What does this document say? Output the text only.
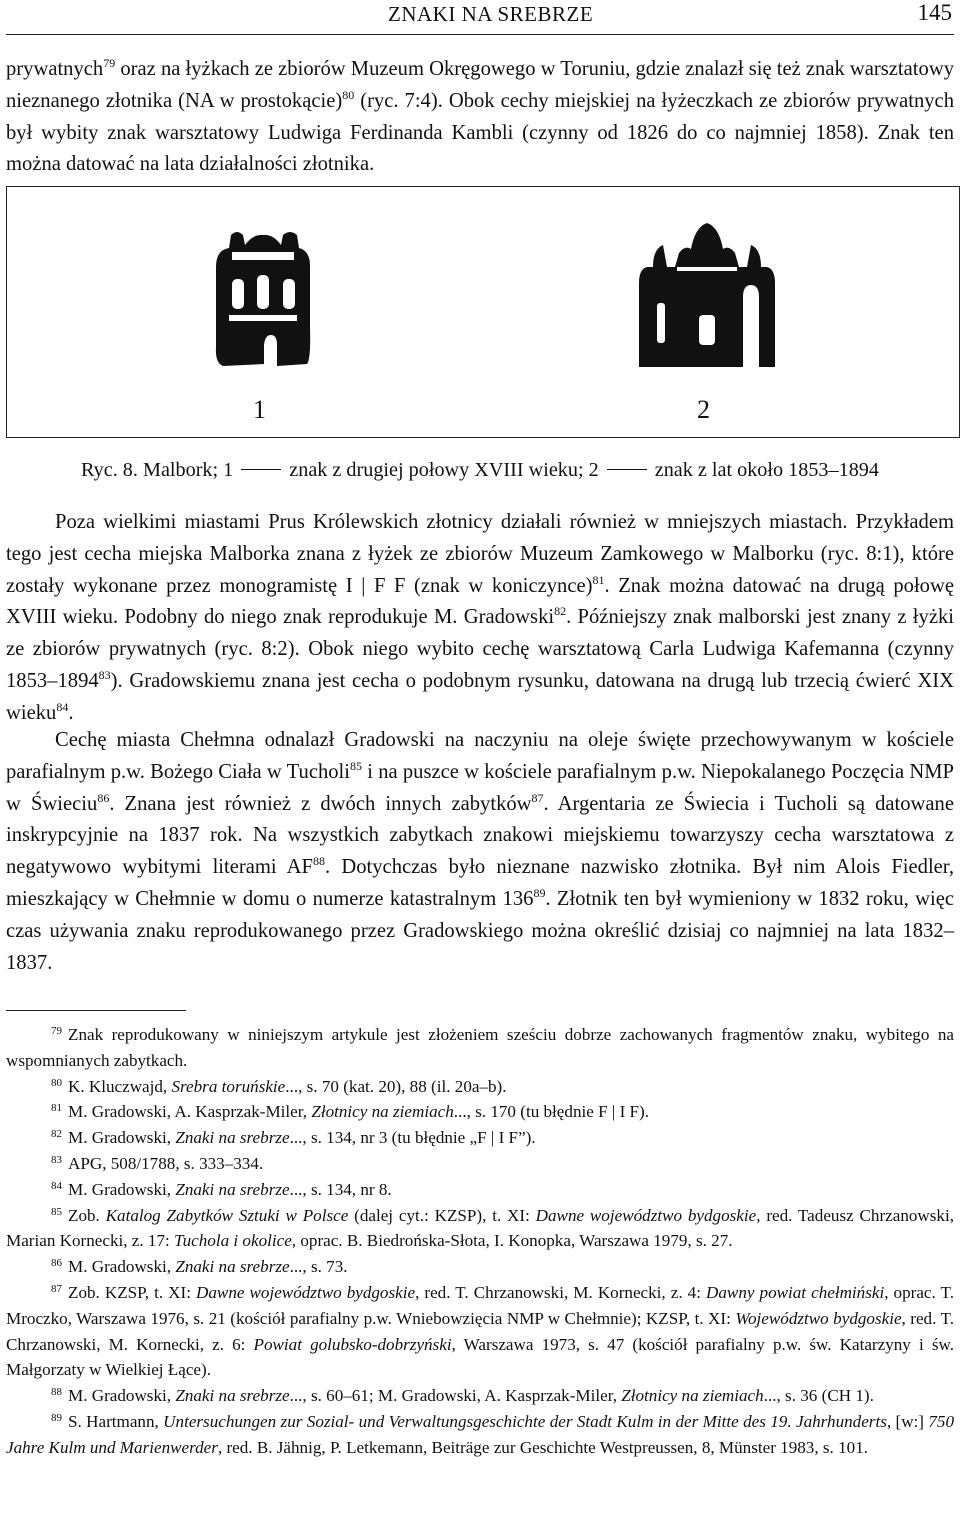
ZNAKI NA SREBRZE	145

prywatnych$^{79}$ oraz na łyżkach ze zbiorów Muzeum Okręgowego w Toruniu, gdzie znalazł się też znak warsztatowy nieznanego złotnika (NA w prostokącie)$^{80}$ (ryc. 7:4). Obok cechy miejskiej na łyżeczkach ze zbiorów prywatnych był wybity znak warsztatowy Ludwiga Ferdinanda Kambli (czynny od 1826 do co najmniej 1858). Znak ten można datować na lata działalności złotnika.

1	2

Ryc. 8. Malbork; 1	znak z drugiej połowy XVIII wieku; 2	znak z lat około 1853–1894

Poza wielkimi miastami Prus Królewskich złotnicy działali również w mniejszych miastach. Przykładem tego jest cecha miejska Malborka znana z łyżek ze zbiorów Muzeum Zamkowego w Malborku (ryc. 8:1), które zostały wykonane przez monogramistę I | F F (znak w koniczynce)$^{81}$. Znak można datować na drugą połowę XVIII wieku. Podobny do niego znak reprodukuje M. Gradowski$^{82}$. Późniejszy znak malborski jest znany z łyżki ze zbiorów prywatnych (ryc. 8:2). Obok niego wybito cechę warsztatową Carla Ludwiga Kafemanna (czynny 1853–1894$^{83}$). Gradowskiemu znana jest cecha o podobnym rysunku, datowana na drugą lub trzecią ćwierć XIX wieku$^{84}$.

Cechę miasta Chełmna odnalazł Gradowski na naczyniu na oleje święte przechowywanym w kościele parafialnym p.w. Bożego Ciała w Tucholi$^{85}$ i na puszce w kościele parafialnym p.w. Niepokalanego Poczęcia NMP w Świeciu$^{86}$. Znana jest również z dwóch innych zabytków$^{87}$. Argentaria ze Świecia i Tucholi są datowane inskrypcyjnie na 1837 rok. Na wszystkich zabytkach znakowi miejskiemu towarzyszy cecha warsztatowa z negatywowo wybitymi literami AF$^{88}$. Dotychczas było nieznane nazwisko złotnika. Był nim Alois Fiedler, mieszkający w Chełmnie w domu o numerze katastralnym $136^{89}$. Złotnik ten był wymieniony w 1832 roku, więc czas używania znaku reprodukowanego przez Gradowskiego można określić dzisiaj co najmniej na lata 1832–1837.

79 Znak reprodukowany w niniejszym artykule jest złożeniem sześciu dobrze zachowanych fragmentów znaku, wybitego na wspomnianych zabytkach.

80 K. Kluczwajd, Srebra toruńskie..., s. 70 (kat. 20), 88 (il. 20a–b).

81 M. Gradowski, A. Kasprzak-Miler, Złotnicy na ziemiach..., s. 170 (tu błędnie F | I F).

82 M. Gradowski, Znaki na srebrze..., s. 134, nr 3 (tu błędnie „F | I F”).

83 APG, 508/1788, s. 333–334.

84 M. Gradowski, Znaki na srebrze..., s. 134, nr 8.

85 Zob. Katalog Zabytków Sztuki w Polsce (dalej cyt.: KZSP), t. XI: Dawne województwo bydgoskie, red. Tadeusz Chrzanowski, Marian Kornecki, z. 17: Tuchola i okolice, oprac. B. Biedrońska-Słota, I. Konopka, Warszawa 1979, s. 27.

86 M. Gradowski, Znaki na srebrze..., s. 73.

87 Zob. KZSP, t. XI: Dawne województwo bydgoskie, red. T. Chrzanowski, M. Kornecki, z. 4: Dawny powiat chełmiński, oprac. T. Mroczko, Warszawa 1976, s. 21 (kościół parafialny p.w. Wniebowzięcia NMP w Chełmnie); KZSP, t. XI: Województwo bydgoskie, red. T. Chrzanowski, M. Kornecki, z. 6: Powiat golubsko-dobrzyński, Warszawa 1973, s. 47 (kościół parafialny p.w. św. Katarzyny i św. Małgorzaty w Wielkiej Łące).

88 M. Gradowski, Znaki na srebrze..., s. 60–61; M. Gradowski, A. Kasprzak-Miler, Złotnicy na ziemiach..., s. 36 (CH 1).

89 S. Hartmann, Untersuchungen zur Sozial- und Verwaltungsgeschichte der Stadt Kulm in der Mitte des 19. Jahrhunderts, [w:] 750 Jahre Kulm und Marienwerder, red. B. Jähnig, P. Letkemann, Beiträge zur Geschichte Westpreussen, 8, Münster 1983, s. 101.
